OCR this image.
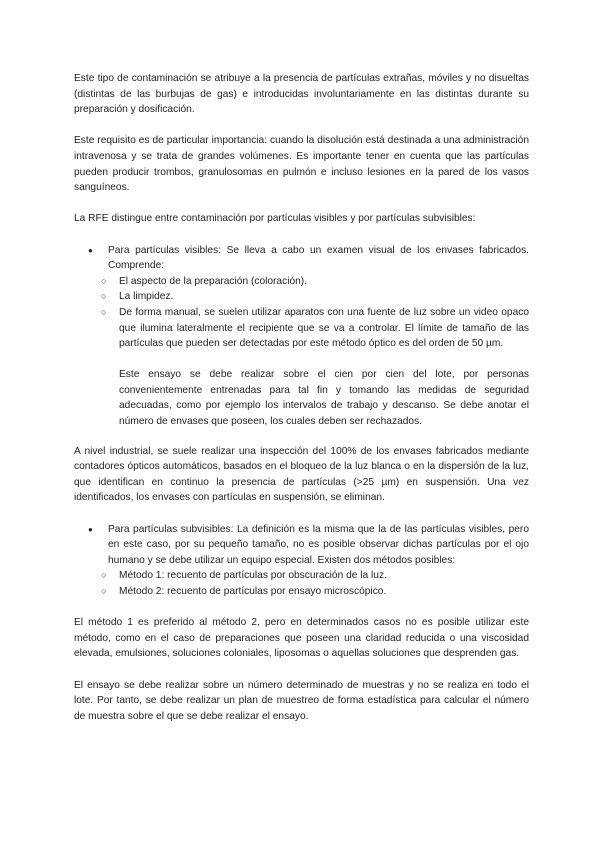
Este tipo de contaminación se atribuye a la presencia de partículas extrañas, móviles y no disueltas (distintas de las burbujas de gas) e introducidas involuntariamente en las distintas durante su preparación y dosificación.

Este requisito es de particular importancia: cuando la disolución está destinada a una administración intravenosa y se trata de grandes volúmenes. Es importante tener en cuenta que las partículas pueden producir trombos, granulosomas en pulmón e incluso lesiones en la pared de los vasos sanguíneos.

La RFE distingue entre contaminación por partículas visibles y por partículas subvisibles:

● Para partículas visibles: Se lleva a cabo un examen visual de los envases fabricados. Comprende:
○ El aspecto de la preparación (coloración).
○ La limpidez.
○ De forma manual, se suelen utilizar aparatos con una fuente de luz sobre un video opaco que ilumina lateralmente el recipiente que se va a controlar. El límite de tamaño de las partículas que pueden ser detectadas por este método óptico es del orden de 50 µm.
Este ensayo se debe realizar sobre el cien por cien del lote, por personas convenientemente entrenadas para tal fin y tomando las medidas de seguridad adecuadas, como por ejemplo los intervalos de trabajo y descanso. Se debe anotar el número de envases que poseen, los cuales deben ser rechazados.

A nivel industrial, se suele realizar una inspección del 100% de los envases fabricados mediante contadores ópticos automáticos, basados en el bloqueo de la luz blanca o en la dispersión de la luz, que identifican en continuo la presencia de partículas (>25 µm) en suspensión. Una vez identificados, los envases con partículas en suspensión, se eliminan.

● Para partículas subvisibles: La definición es la misma que la de las partículas visibles, pero en este caso, por su pequeño tamaño, no es posible observar dichas partículas por el ojo humano y se debe utilizar un equipo especial. Existen dos métodos posibles:
○ Método 1: recuento de partículas por obscuración de la luz.
○ Método 2: recuento de partículas por ensayo microscópico.

El método 1 es preferido al método 2, pero en determinados casos no es posible utilizar este método, como en el caso de preparaciones que poseen una claridad reducida o una viscosidad elevada, emulsiones, soluciones coloniales, liposomas o aquellas soluciones que desprenden gas.

El ensayo se debe realizar sobre un número determinado de muestras y no se realiza en todo el lote. Por tanto, se debe realizar un plan de muestreo de forma estadística para calcular el número de muestra sobre el que se debe realizar el ensayo.
